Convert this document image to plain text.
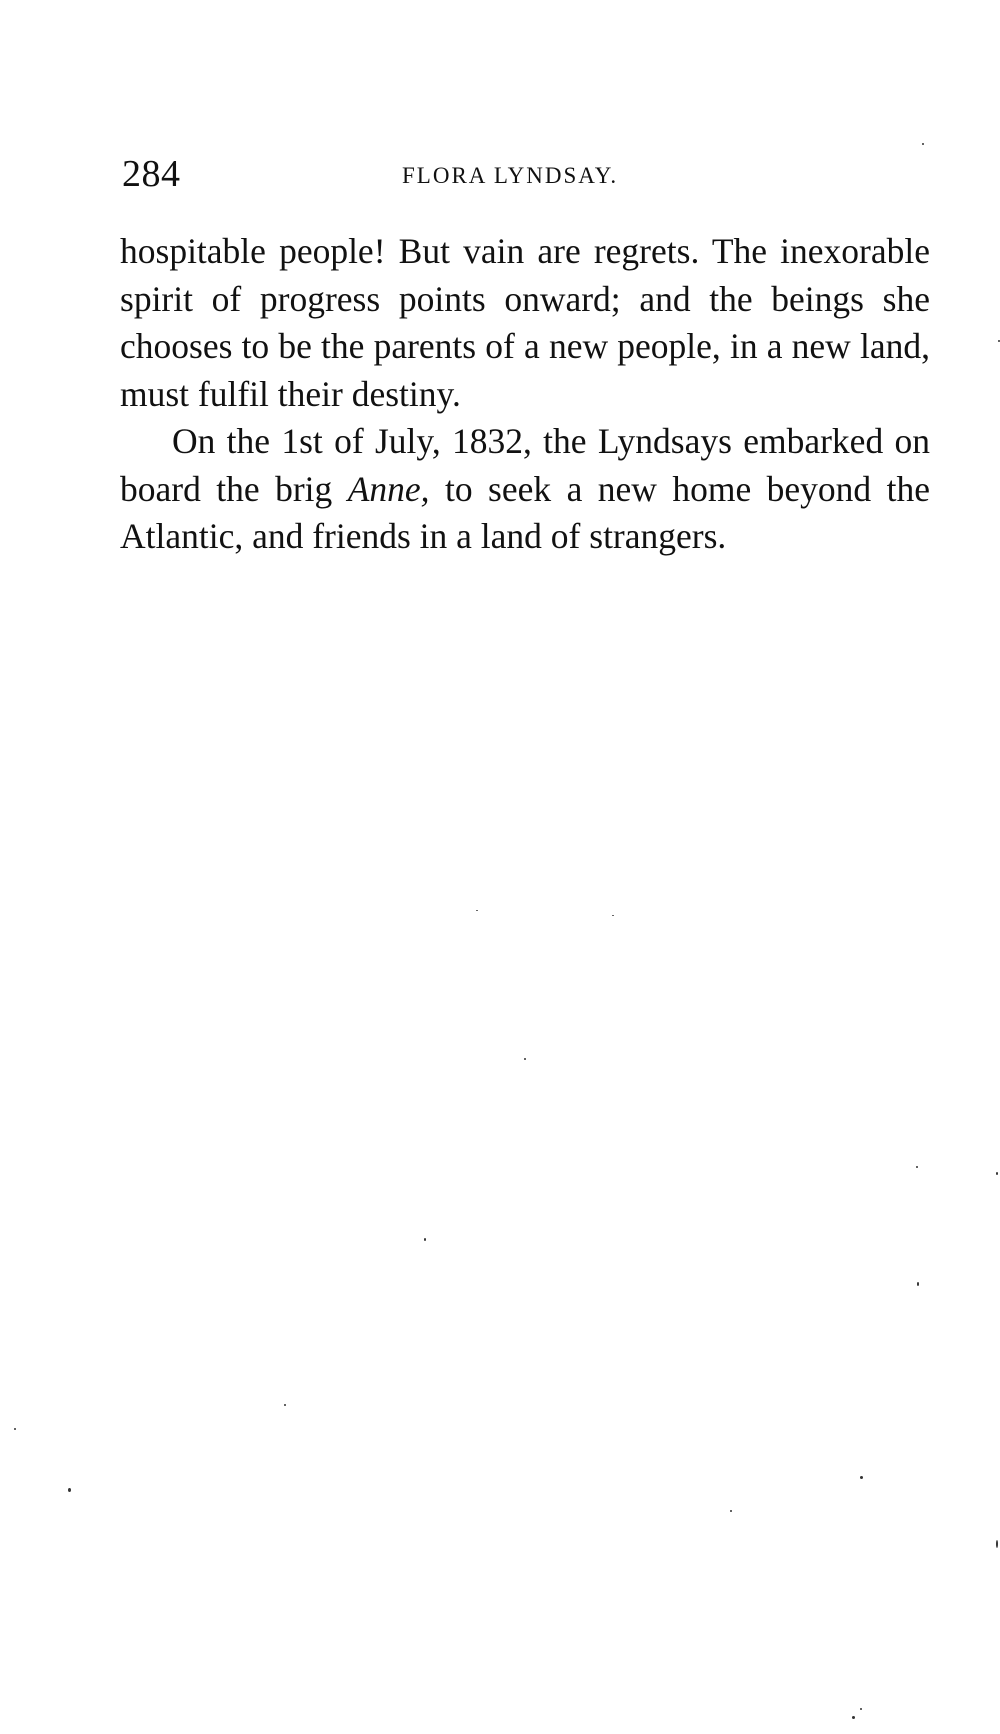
284	FLORA LYNDSAY.

hospitable people! But vain are regrets. The inexorable spirit of progress points onward; and the beings she chooses to be the parents of a new people, in a new land, must fulfil their destiny.

On the 1st of July, 1832, the Lyndsays embarked on board the brig Anne, to seek a new home beyond the Atlantic, and friends in a land of strangers.
